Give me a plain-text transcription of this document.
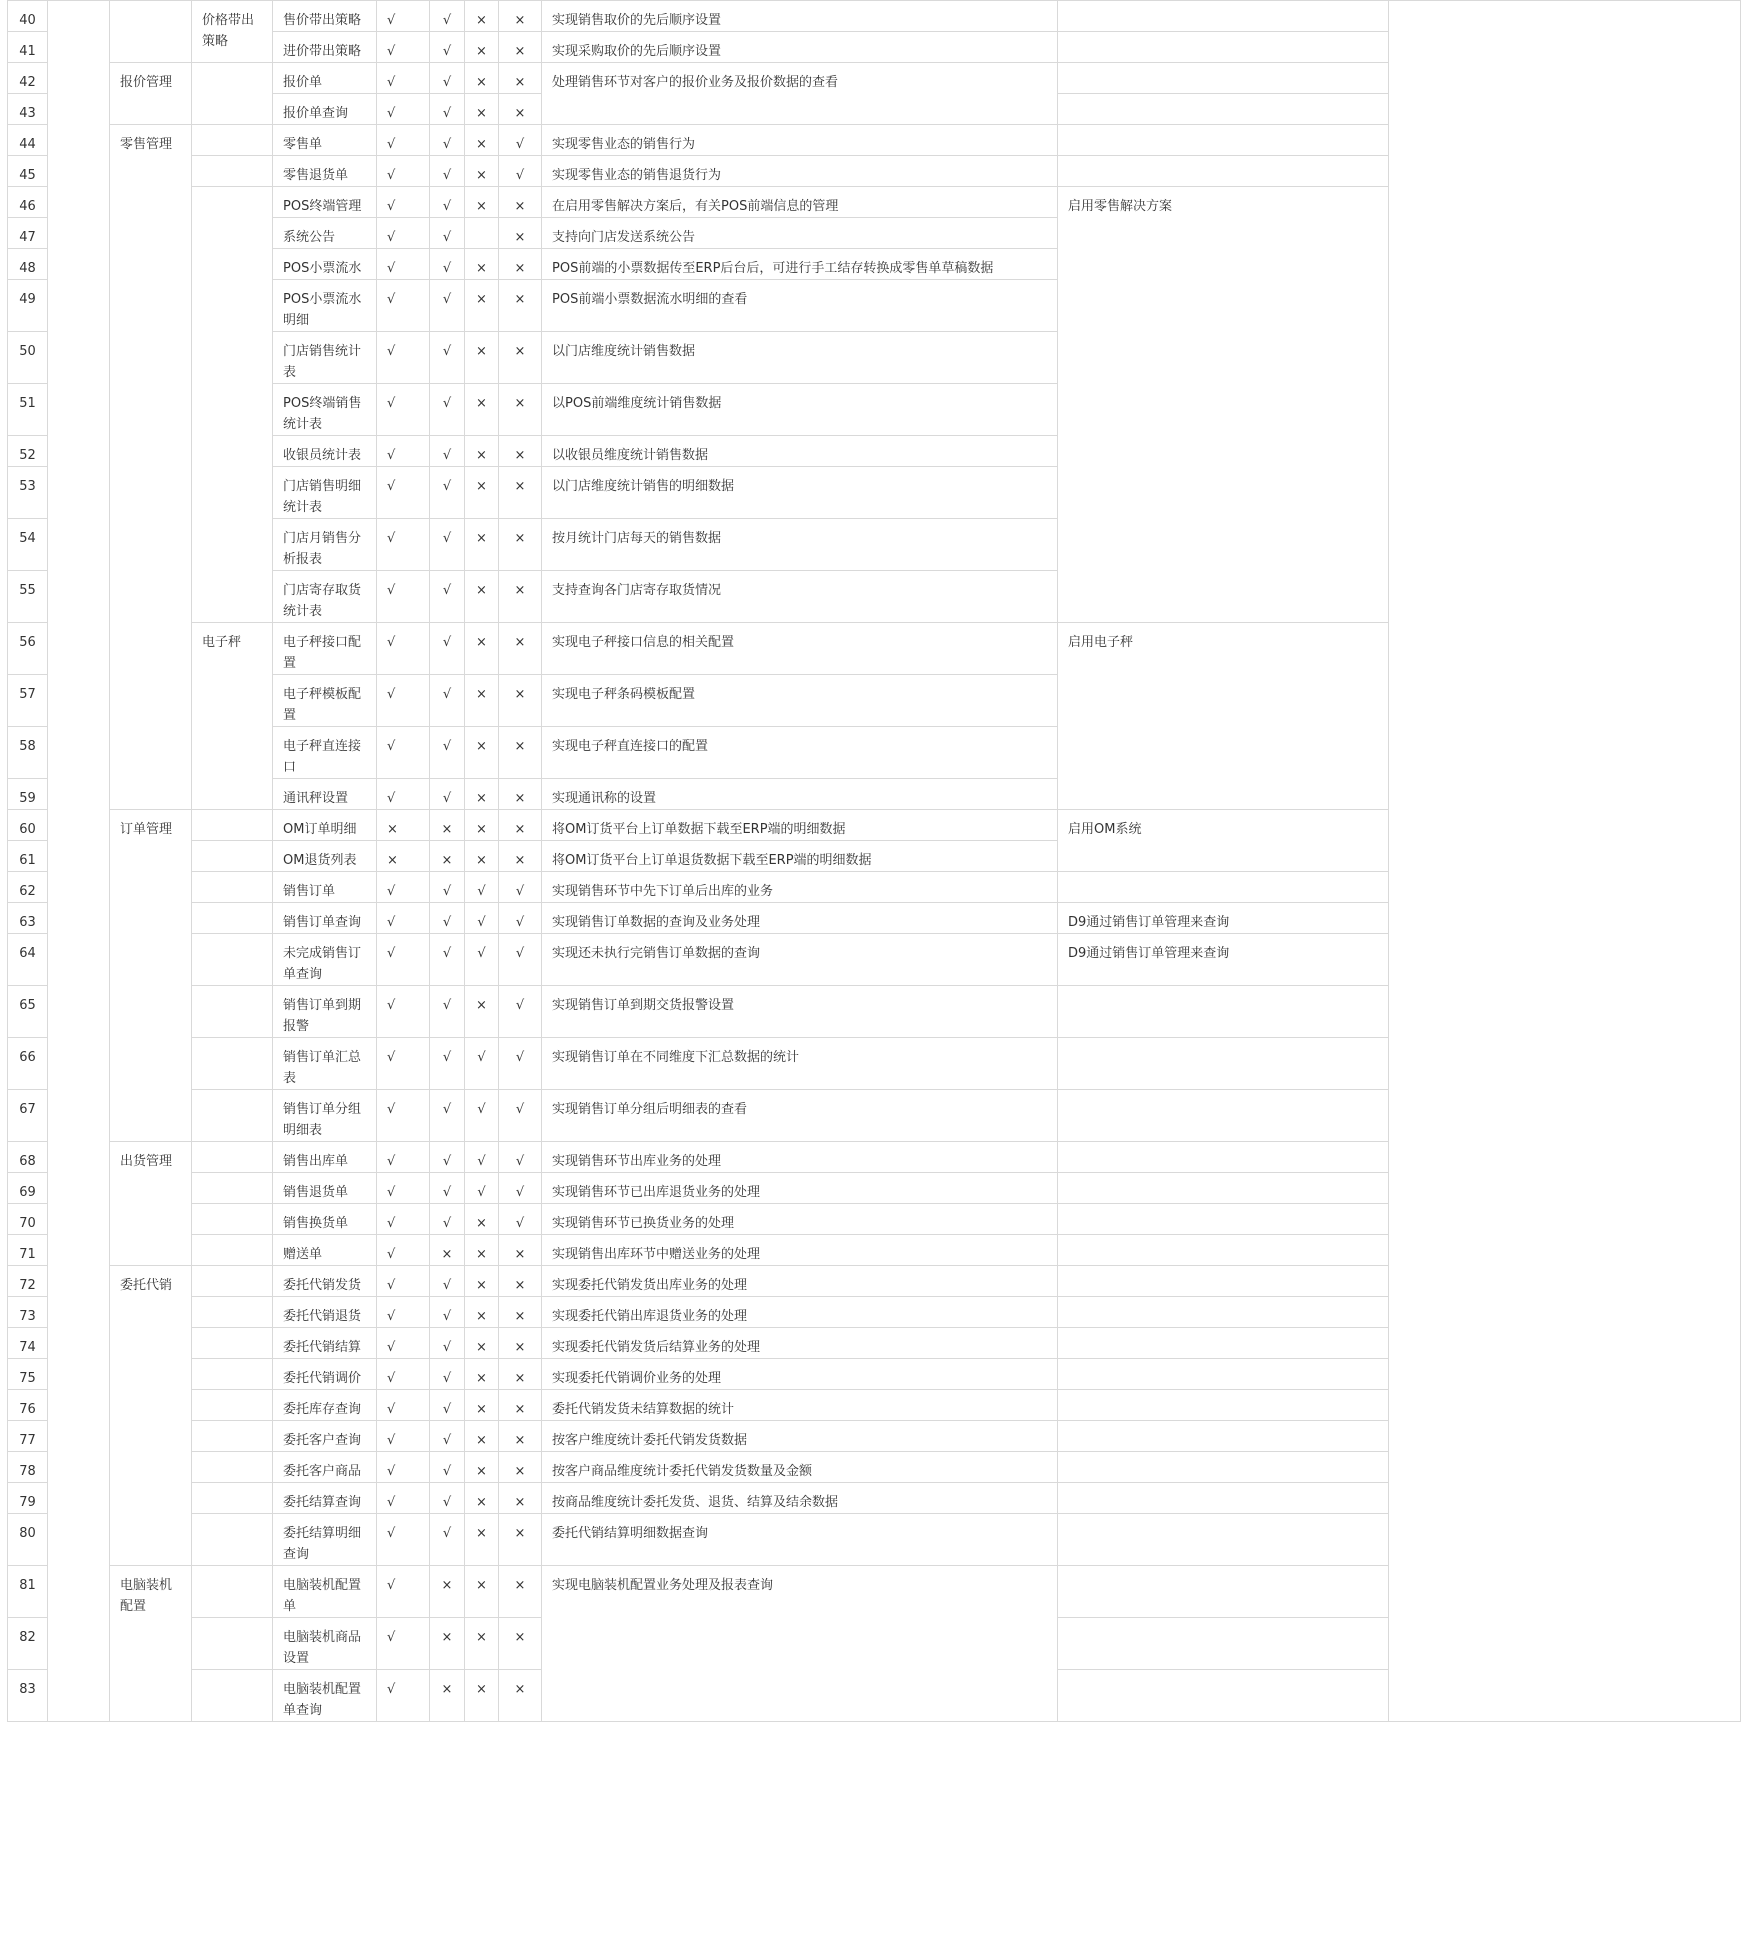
40			价格带出策略	售价带出策略	√	√	×	×	实现销售取价的先后顺序设置		
41				进价带出策略	√	√	×	×	实现采购取价的先后顺序设置		
42		报价管理		报价单	√	√	×	×	处理销售环节对客户的报价业务及报价数据的查看		
43				报价单查询	√	√	×	×			
44		零售管理		零售单	√	√	×	√	实现零售业态的销售行为		
45				零售退货单	√	√	×	√	实现零售业态的销售退货行为		
46				POS终端管理	√	√	×	×	在启用零售解决方案后，有关POS前端信息的管理	启用零售解决方案	
47				系统公告	√	√		×	支持向门店发送系统公告		
48				POS小票流水	√	√	×	×	POS前端的小票数据传至ERP后台后，可进行手工结存转换成零售单草稿数据		
49				POS小票流水明细	√	√	×	×	POS前端小票数据流水明细的查看		
50				门店销售统计表	√	√	×	×	以门店维度统计销售数据		
51				POS终端销售统计表	√	√	×	×	以POS前端维度统计销售数据		
52				收银员统计表	√	√	×	×	以收银员维度统计销售数据		
53				门店销售明细统计表	√	√	×	×	以门店维度统计销售的明细数据		
54				门店月销售分析报表	√	√	×	×	按月统计门店每天的销售数据		
55				门店寄存取货统计表	√	√	×	×	支持查询各门店寄存取货情况		
56			电子秤	电子秤接口配置	√	√	×	×	实现电子秤接口信息的相关配置	启用电子秤	
57				电子秤模板配置	√	√	×	×	实现电子秤条码模板配置		
58				电子秤直连接口	√	√	×	×	实现电子秤直连接口的配置		
59				通讯秤设置	√	√	×	×	实现通讯称的设置		
60		订单管理		OM订单明细	×	×	×	×	将OM订货平台上订单数据下载至ERP端的明细数据	启用OM系统	
61				OM退货列表	×	×	×	×	将OM订货平台上订单退货数据下载至ERP端的明细数据		
62				销售订单	√	√	√	√	实现销售环节中先下订单后出库的业务		
63				销售订单查询	√	√	√	√	实现销售订单数据的查询及业务处理	D9通过销售订单管理来查询	
64				未完成销售订单查询	√	√	√	√	实现还未执行完销售订单数据的查询	D9通过销售订单管理来查询	
65				销售订单到期报警	√	√	×	√	实现销售订单到期交货报警设置		
66				销售订单汇总表	√	√	√	√	实现销售订单在不同维度下汇总数据的统计		
67				销售订单分组明细表	√	√	√	√	实现销售订单分组后明细表的查看		
68		出货管理		销售出库单	√	√	√	√	实现销售环节出库业务的处理		
69				销售退货单	√	√	√	√	实现销售环节已出库退货业务的处理		
70				销售换货单	√	√	×	√	实现销售环节已换货业务的处理		
71				赠送单	√	×	×	×	实现销售出库环节中赠送业务的处理		
72		委托代销		委托代销发货	√	√	×	×	实现委托代销发货出库业务的处理		
73				委托代销退货	√	√	×	×	实现委托代销出库退货业务的处理		
74				委托代销结算	√	√	×	×	实现委托代销发货后结算业务的处理		
75				委托代销调价	√	√	×	×	实现委托代销调价业务的处理		
76				委托库存查询	√	√	×	×	委托代销发货未结算数据的统计		
77				委托客户查询	√	√	×	×	按客户维度统计委托代销发货数据		
78				委托客户商品	√	√	×	×	按客户商品维度统计委托代销发货数量及金额		
79				委托结算查询	√	√	×	×	按商品维度统计委托发货、退货、结算及结余数据		
80				委托结算明细查询	√	√	×	×	委托代销结算明细数据查询		
81		电脑装机配置		电脑装机配置单	√	×	×	×	实现电脑装机配置业务处理及报表查询		
82				电脑装机商品设置	√	×	×	×			
83				电脑装机配置单查询	√	×	×	×			
